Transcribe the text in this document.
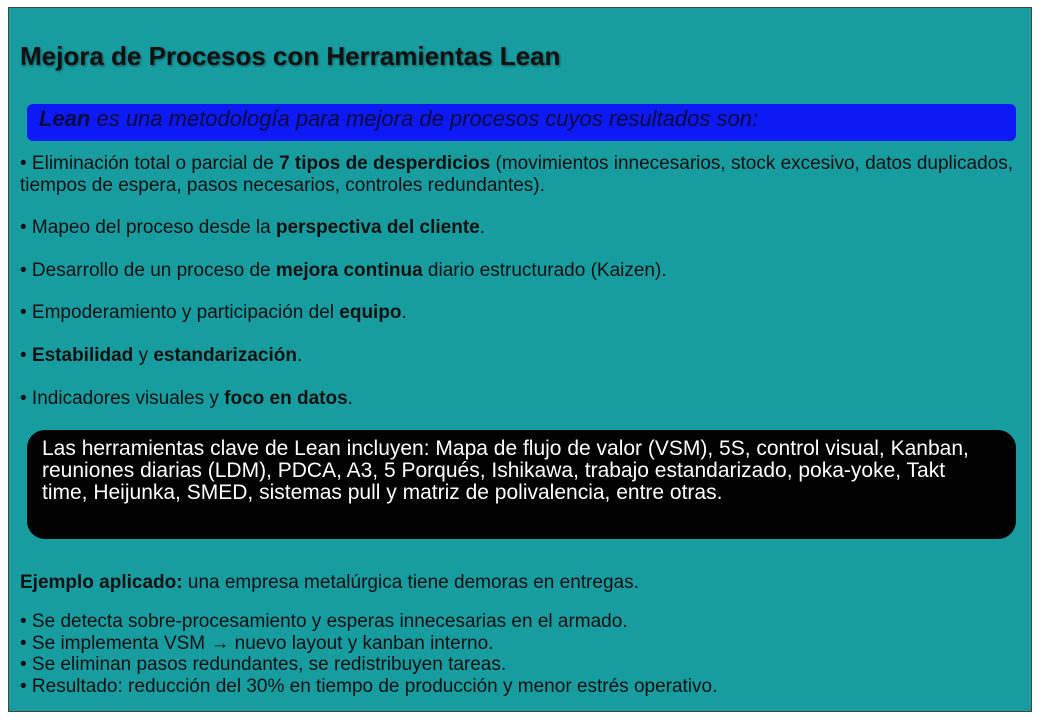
Mejora de Procesos con Herramientas Lean
Lean es una metodología para mejora de procesos cuyos resultados son:
• Eliminación total o parcial de 7 tipos de desperdicios (movimientos innecesarios, stock excesivo, datos duplicados, tiempos de espera, pasos necesarios, controles redundantes).
• Mapeo del proceso desde la perspectiva del cliente.
• Desarrollo de un proceso de mejora continua diario estructurado (Kaizen).
• Empoderamiento y participación del equipo.
• Estabilidad y estandarización.
• Indicadores visuales y foco en datos.
Las herramientas clave de Lean incluyen: Mapa de flujo de valor (VSM), 5S, control visual, Kanban, reuniones diarias (LDM), PDCA, A3, 5 Porqués, Ishikawa, trabajo estandarizado, poka-yoke, Takt time, Heijunka, SMED, sistemas pull y matriz de polivalencia, entre otras.
Ejemplo aplicado: una empresa metalúrgica tiene demoras en entregas.
• Se detecta sobre-procesamiento y esperas innecesarias en el armado.
• Se implementa VSM → nuevo layout y kanban interno.
• Se eliminan pasos redundantes, se redistribuyen tareas.
• Resultado: reducción del 30% en tiempo de producción y menor estrés operativo.
